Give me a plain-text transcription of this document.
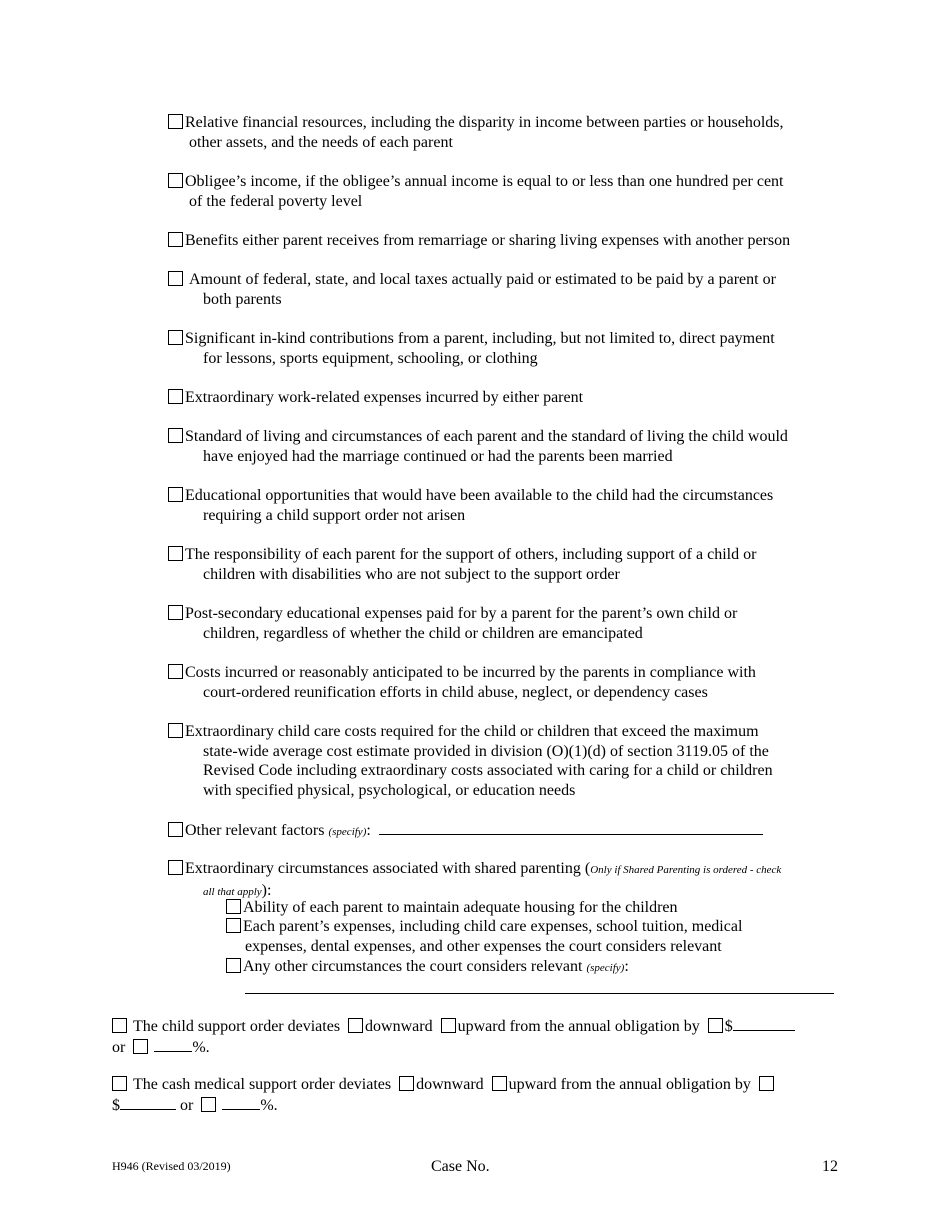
Relative financial resources, including the disparity in income between parties or households,
other assets, and the needs of each parent
Obligee’s income, if the obligee’s annual income is equal to or less than one hundred per cent
of the federal poverty level
Benefits either parent receives from remarriage or sharing living expenses with another person
Amount of federal, state, and local taxes actually paid or estimated to be paid by a parent or
both parents
Significant in-kind contributions from a parent, including, but not limited to, direct payment
for lessons, sports equipment, schooling, or clothing
Extraordinary work-related expenses incurred by either parent
Standard of living and circumstances of each parent and the standard of living the child would
have enjoyed had the marriage continued or had the parents been married
Educational opportunities that would have been available to the child had the circumstances
requiring a child support order not arisen
The responsibility of each parent for the support of others, including support of a child or
children with disabilities who are not subject to the support order
Post-secondary educational expenses paid for by a parent for the parent’s own child or
children, regardless of whether the child or children are emancipated
Costs incurred or reasonably anticipated to be incurred by the parents in compliance with
court-ordered reunification efforts in child abuse, neglect, or dependency cases
Extraordinary child care costs required for the child or children that exceed the maximum
state-wide average cost estimate provided in division (O)(1)(d) of section 3119.05 of the
Revised Code including extraordinary costs associated with caring for a child or children
with specified physical, psychological, or education needs
Other relevant factors (specify):
Extraordinary circumstances associated with shared parenting (Only if Shared Parenting is ordered - check
all that apply):
Ability of each parent to maintain adequate housing for the children
Each parent’s expenses, including child care expenses, school tuition, medical
expenses, dental expenses, and other expenses the court considers relevant
Any other circumstances the court considers relevant (specify):
The child support order deviates downward upward from the annual obligation by $
or	%.
The cash medical support order deviates downward upward from the annual obligation by
$	or	%.
H946 (Revised 03/2019)	Case No.	12
